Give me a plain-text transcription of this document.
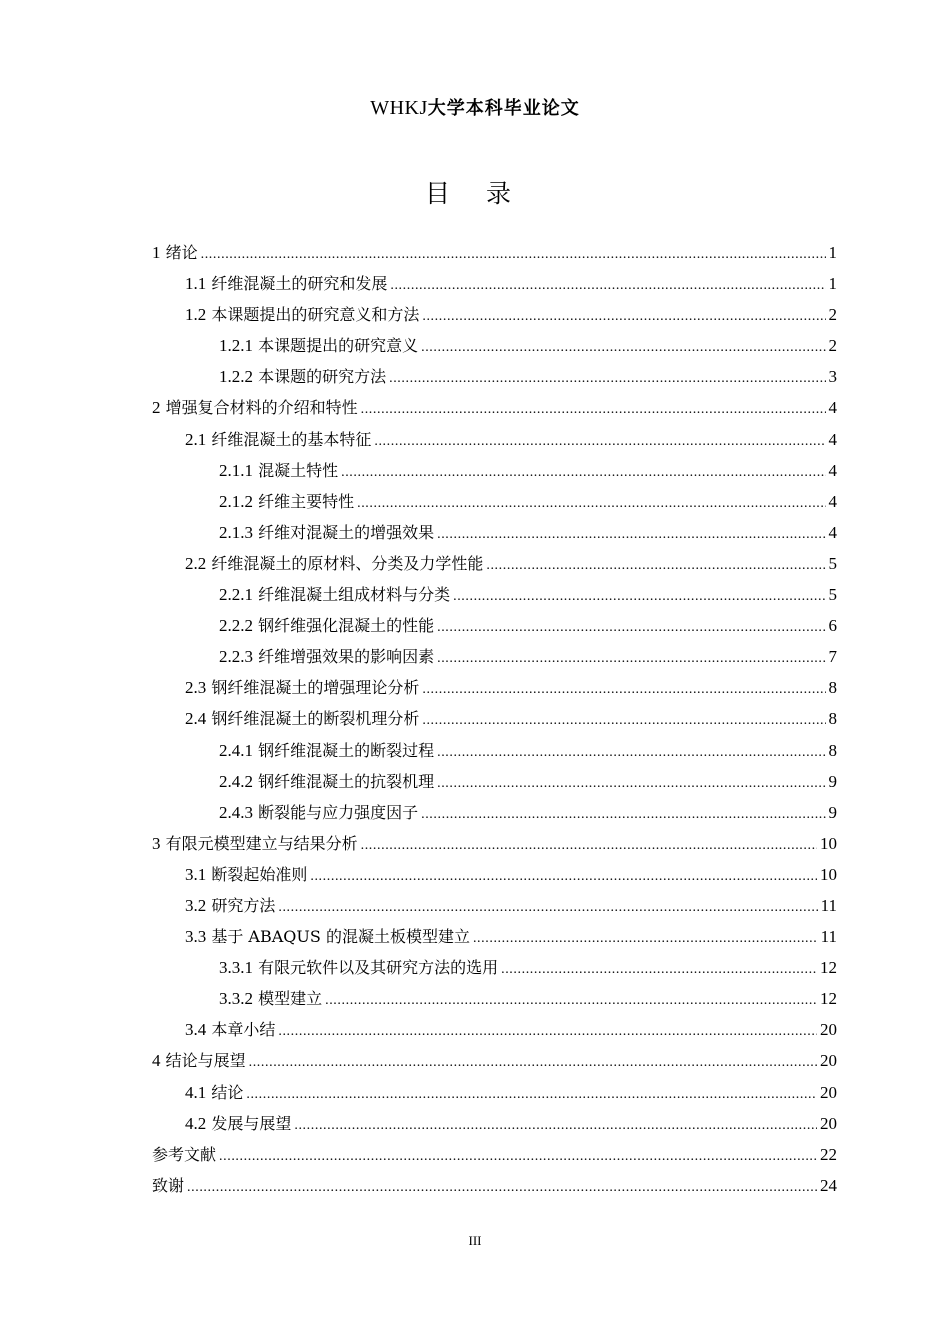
WHKJ大学本科毕业论文
目 录
1 绪论 .....	1
1.1 纤维混凝土的研究和发展 .....	1
1.2 本课题提出的研究意义和方法 .....	2
1.2.1 本课题提出的研究意义 .....	2
1.2.2 本课题的研究方法 .....	3
2 增强复合材料的介绍和特性 .....	4
2.1 纤维混凝土的基本特征 .....	4
2.1.1 混凝土特性 .....	4
2.1.2 纤维主要特性 .....	4
2.1.3 纤维对混凝土的增强效果 .....	4
2.2 纤维混凝土的原材料、分类及力学性能 .....	5
2.2.1 纤维混凝土组成材料与分类 .....	5
2.2.2 钢纤维强化混凝土的性能 .....	6
2.2.3 纤维增强效果的影响因素 .....	7
2.3 钢纤维混凝土的增强理论分析 .....	8
2.4 钢纤维混凝土的断裂机理分析 .....	8
2.4.1 钢纤维混凝土的断裂过程 .....	8
2.4.2 钢纤维混凝土的抗裂机理 .....	9
2.4.3 断裂能与应力强度因子 .....	9
3 有限元模型建立与结果分析 .....	10
3.1 断裂起始准则 .....	10
3.2 研究方法 .....	11
3.3 基于 ABAQUS 的混凝土板模型建立 .....	11
3.3.1 有限元软件以及其研究方法的选用 .....	12
3.3.2 模型建立 .....	12
3.4 本章小结 .....	20
4 结论与展望 .....	20
4.1 结论 .....	20
4.2 发展与展望 .....	20
参考文献 .....	22
致谢 .....	24
III
